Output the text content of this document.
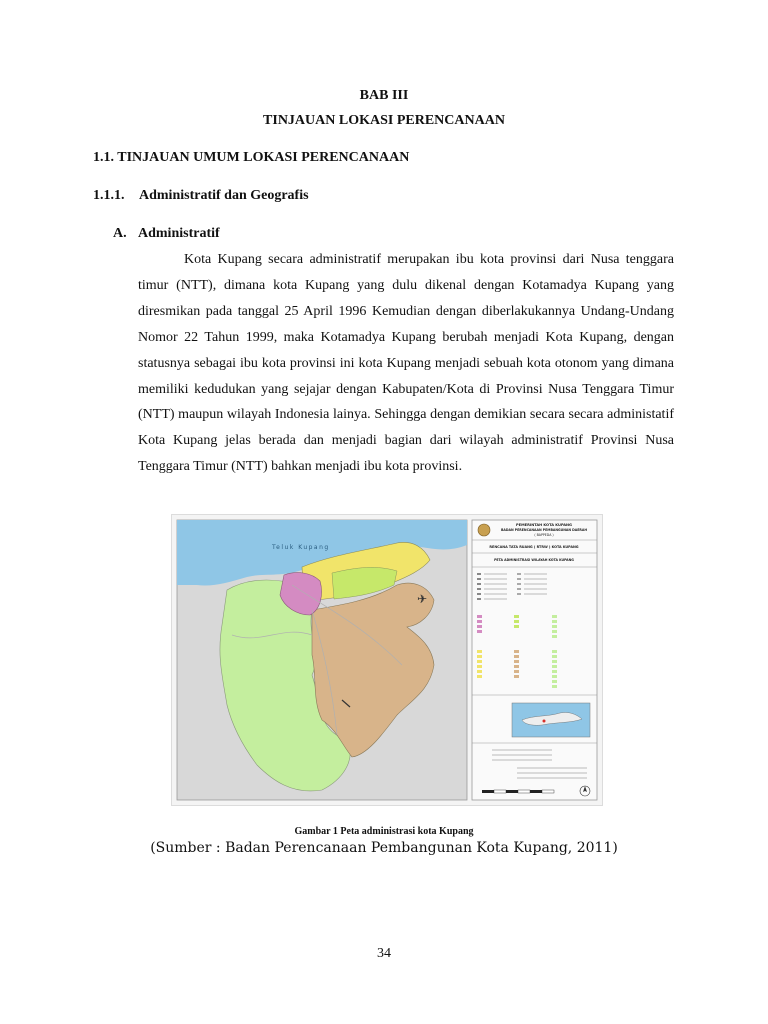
BAB III
TINJAUAN LOKASI PERENCANAAN
1.1. TINJAUAN UMUM LOKASI PERENCANAAN
1.1.1. Administratif dan Geografis
A. Administratif

Kota Kupang secara administratif merupakan ibu kota provinsi dari Nusa tenggara timur (NTT), dimana kota Kupang yang dulu dikenal dengan Kotamadya Kupang yang diresmikan pada tanggal 25 April 1996 Kemudian dengan diberlakukannya Undang-Undang Nomor 22 Tahun 1999, maka Kotamadya Kupang berubah menjadi Kota Kupang, dengan statusnya sebagai ibu kota provinsi ini kota Kupang menjadi sebuah kota otonom yang dimana memiliki kedudukan yang sejajar dengan Kabupaten/Kota di Provinsi Nusa Tenggara Timur (NTT) maupun wilayah Indonesia lainya. Sehingga dengan demikian secara secara administatif Kota Kupang jelas berada dan menjadi bagian dari wilayah administratif Provinsi Nusa Tenggara Timur (NTT) bahkan menjadi ibu kota provinsi.

Teluk Kupang
✈
PEMERINTAH KOTA KUPANG
BADAN PERENCANAAN PEMBANGUNAN DAERAH
( BAPPEDA )
RENCANA TATA RUANG ( RTRW ) KOTA KUPANG
PETA ADMINISTRASI WILAYAH KOTA KUPANG
Gambar 1 Peta administrasi kota Kupang
(Sumber : Badan Perencanaan Pembangunan Kota Kupang, 2011)
34
